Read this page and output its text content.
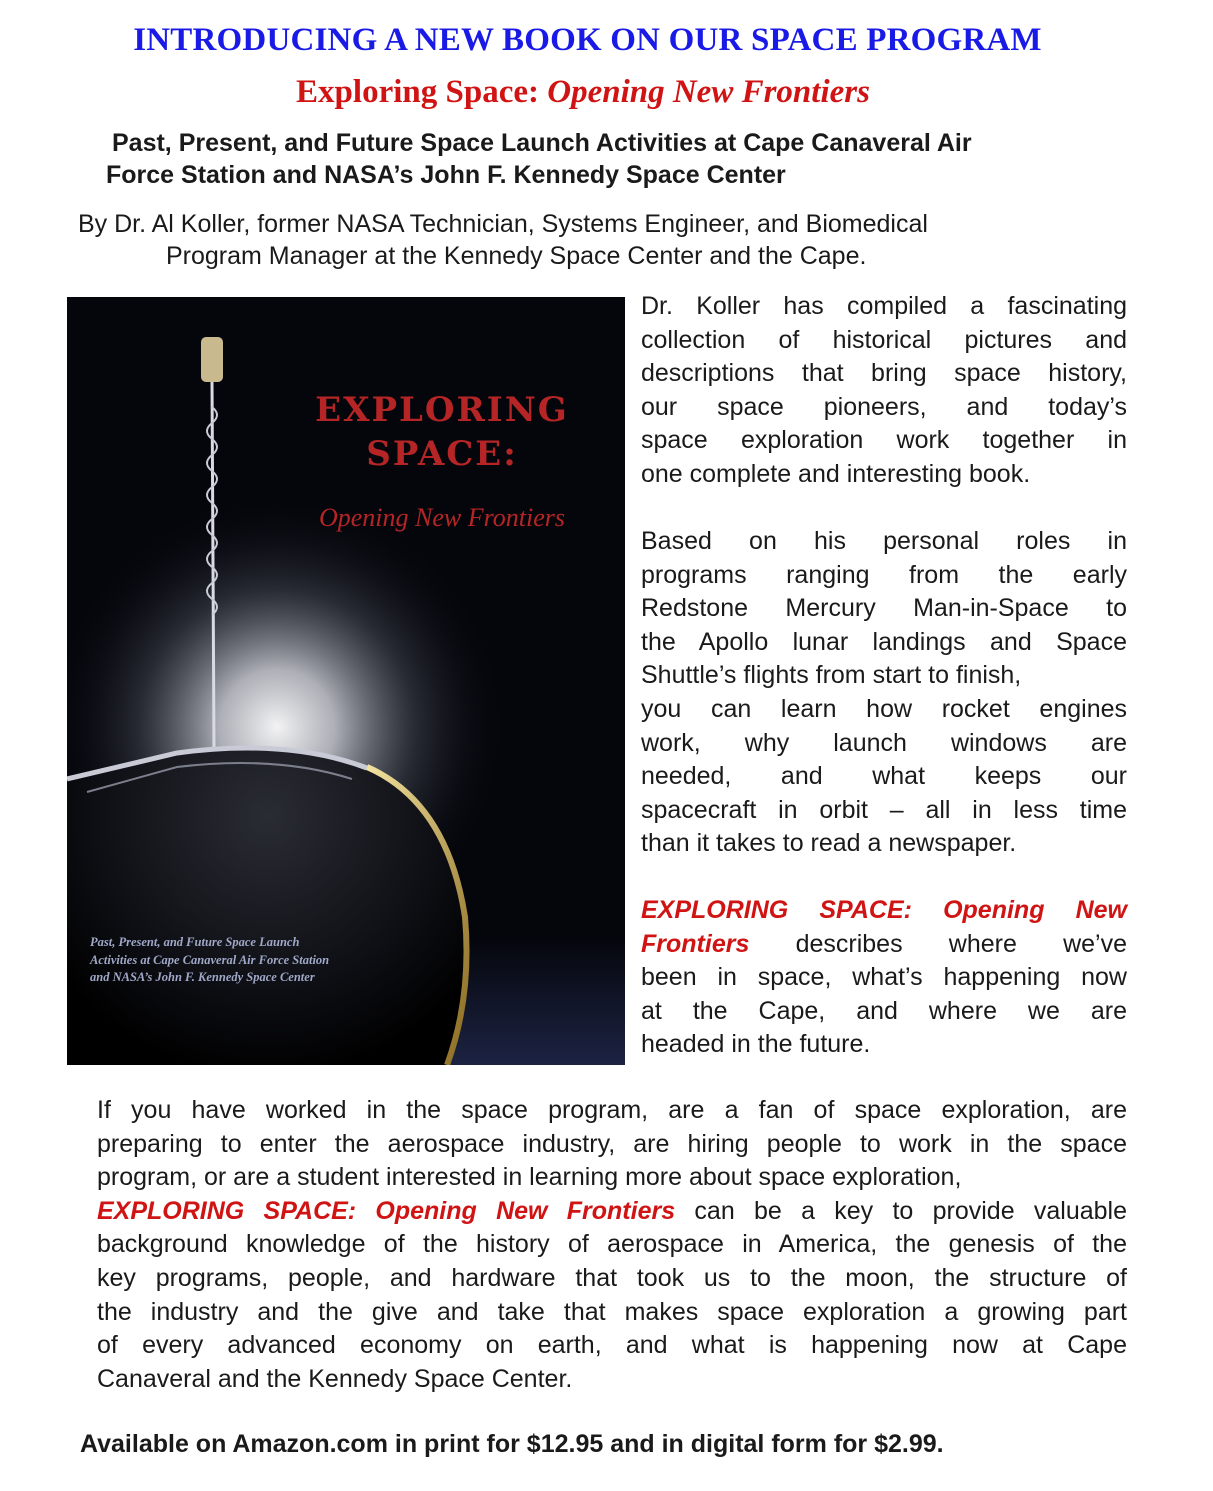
INTRODUCING A NEW BOOK ON OUR SPACE PROGRAM
Exploring Space: Opening New Frontiers
Past, Present, and Future Space Launch Activities at Cape Canaveral Air
Force Station and NASA’s John F. Kennedy Space Center
By Dr. Al Koller, former NASA Technician, Systems Engineer, and Biomedical
Program Manager at the Kennedy Space Center and the Cape.
EXPLORING
SPACE:
Opening New Frontiers
Past, Present, and Future Space Launch
Activities at Cape Canaveral Air Force Station
and NASA’s John F. Kennedy Space Center
Dr. Koller has compiled a fascinating
collection of historical pictures and
descriptions that bring space history,
our space pioneers, and today’s
space exploration work together in
one complete and interesting book.
Based on his personal roles in
programs ranging from the early
Redstone Mercury Man-in-Space to
the Apollo lunar landings and Space
Shuttle’s flights from start to finish,
you can learn how rocket engines
work, why launch windows are
needed, and what keeps our
spacecraft in orbit – all in less time
than it takes to read a newspaper.
EXPLORING SPACE: Opening New
Frontiers describes where we’ve
been in space, what’s happening now
at the Cape, and where we are
headed in the future.
If you have worked in the space program, are a fan of space exploration, are
preparing to enter the aerospace industry, are hiring people to work in the space
program, or are a student interested in learning more about space exploration,
EXPLORING SPACE: Opening New Frontiers can be a key to provide valuable
background knowledge of the history of aerospace in America, the genesis of the
key programs, people, and hardware that took us to the moon, the structure of
the industry and the give and take that makes space exploration a growing part
of every advanced economy on earth, and what is happening now at Cape
Canaveral and the Kennedy Space Center.
Available on Amazon.com in print for $12.95 and in digital form for $2.99.
